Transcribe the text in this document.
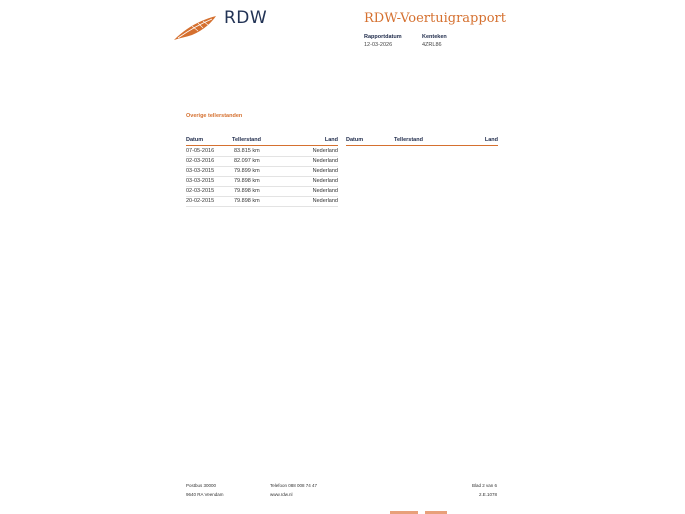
RDW	RDW-Voertuigrapport
Rapportdatum
12-03-2026
Kenteken
4ZRL86
Overige tellerstanden
Datum	Tellerstand	Land
07-05-2016	83.815 km	Nederland
02-03-2016	82.097 km	Nederland
03-03-2015	79.899 km	Nederland
03-03-2015	79.898 km	Nederland
02-03-2015	79.898 km	Nederland
20-02-2015	79.898 km	Nederland
Datum	Tellerstand	Land
Postbus 30000
9640 RA Veendam
Telefoon 088 008 74 47
www.rdw.nl
Blad 2 van 6
2.E.1078
